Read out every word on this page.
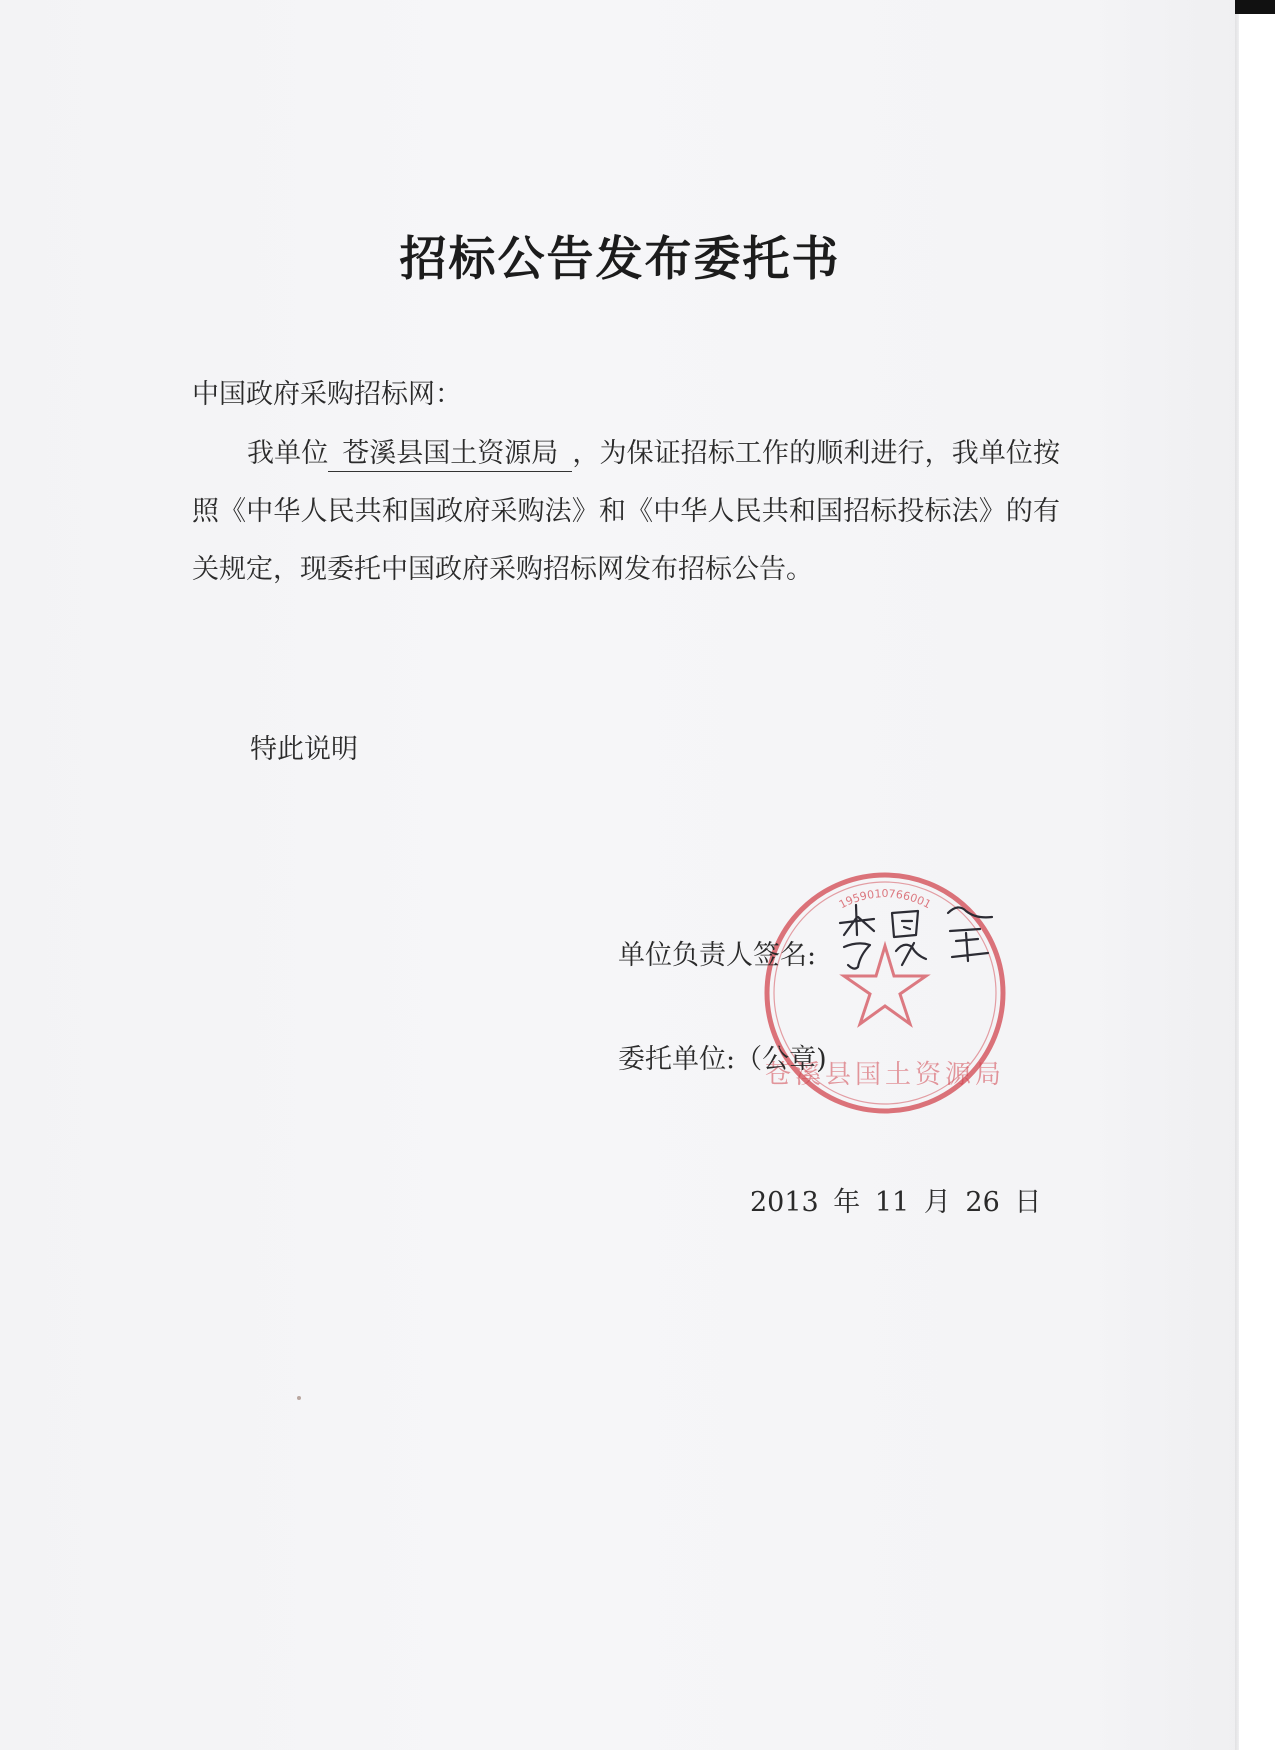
招标公告发布委托书
中国政府采购招标网：
我单位 苍溪县国土资源局 ，为保证招标工作的顺利进行，我单位按照《中华人民共和国政府采购法》和《中华人民共和国招标投标法》的有关规定，现委托中国政府采购招标网发布招标公告。
特此说明
1959010766001
苍溪县国土资源局
单位负责人签名:
委托单位:（公章)
2013 年 11 月 26 日
